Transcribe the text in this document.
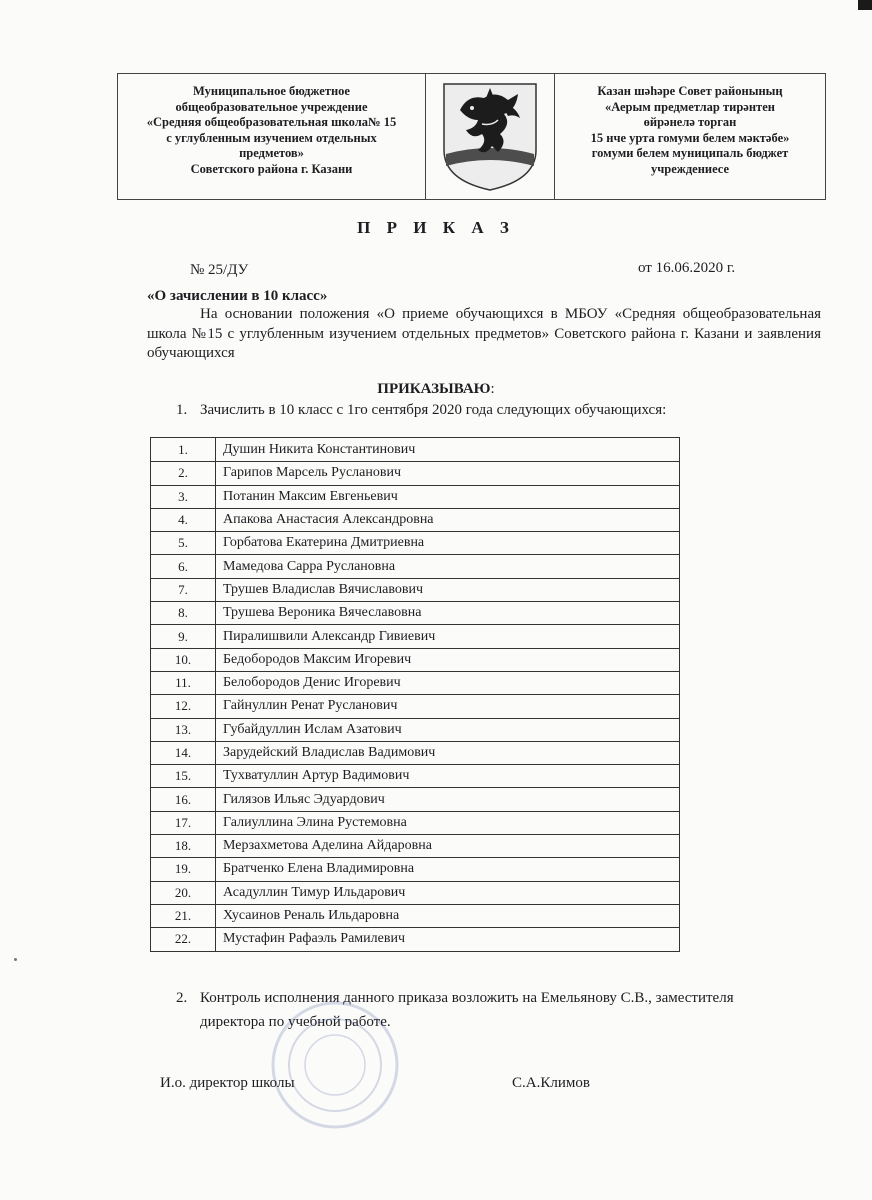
Муниципальное бюджетное
общеобразовательное учреждение
«Средняя общеобразовательная школа№ 15
с углубленным изучением отдельных
предметов»
Советского района г. Казани
Казан шәһәре Совет районының
«Аерым предметлар тирәнтен
өйрәнелә торган
15 нче урта гомуми белем мәктәбе»
гомуми белем муниципаль бюджет
учреждениесе
П Р И К А З
№ 25/ДУ	от 16.06.2020 г.
«О зачислении в 10 класс»
На основании положения «О приеме обучающихся в МБОУ «Средняя общеобразовательная школа №15 с углубленным изучением отдельных предметов» Советского района г. Казани и заявления обучающихся
ПРИКАЗЫВАЮ:
1. Зачислить в 10 класс с 1го сентября 2020 года следующих обучающихся:
1.	Душин Никита Константинович
2.	Гарипов Марсель Русланович
3.	Потанин Максим Евгеньевич
4.	Апакова Анастасия Александровна
5.	Горбатова Екатерина Дмитриевна
6.	Мамедова Сарра Руслановна
7.	Трушев Владислав Вячиславович
8.	Трушева Вероника Вячеславовна
9.	Пиралишвили Александр Гивиевич
10.	Бедобородов Максим Игоревич
11.	Белобородов Денис Игоревич
12.	Гайнуллин Ренат Русланович
13.	Губайдуллин Ислам Азатович
14.	Зарудейский Владислав Вадимович
15.	Тухватуллин Артур Вадимович
16.	Гилязов Ильяс Эдуардович
17.	Галиуллина Элина Рустемовна
18.	Мерзахметова Аделина Айдаровна
19.	Братченко Елена Владимировна
20.	Асадуллин Тимур Ильдарович
21.	Хусаинов Реналь Ильдаровна
22.	Мустафин Рафаэль Рамилевич
2. Контроль исполнения данного приказа возложить на Емельянову С.В., заместителя
директора по учебной работе.
И.о. директор школы	С.А.Климов
